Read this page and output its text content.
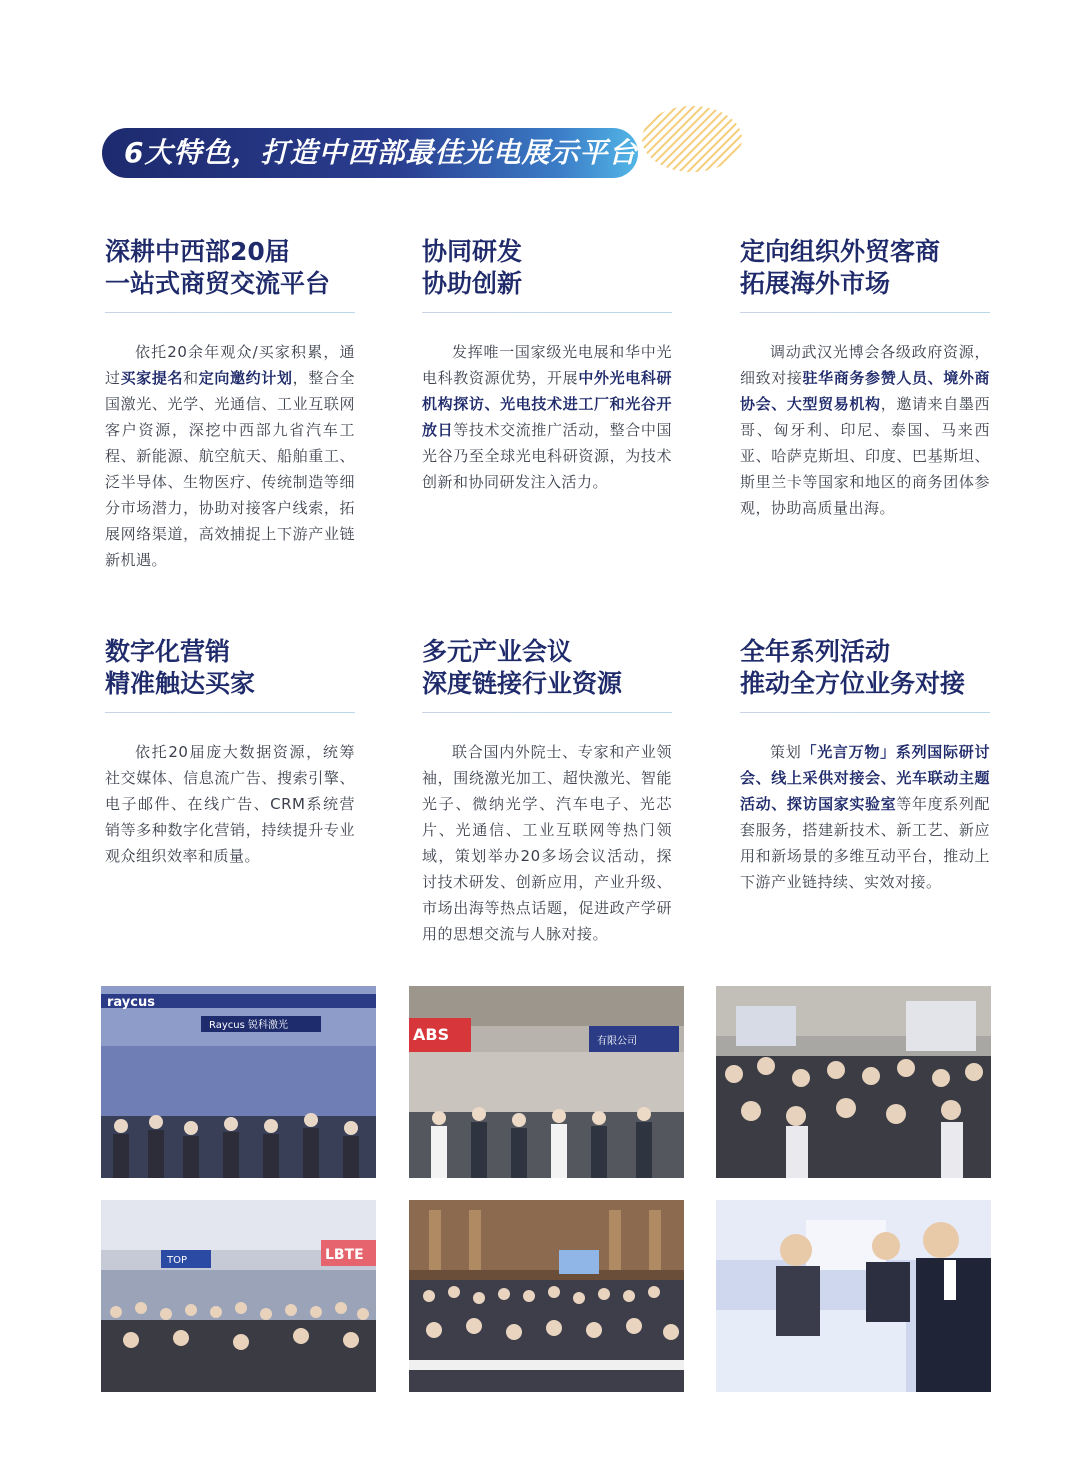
6大特色，打造中西部最佳光电展示平台
深耕中西部20届
一站式商贸交流平台
依托20余年观众/买家积累，通过买家提名和定向邀约计划，整合全国激光、光学、光通信、工业互联网客户资源，深挖中西部九省汽车工程、新能源、航空航天、船舶重工、泛半导体、生物医疗、传统制造等细分市场潜力，协助对接客户线索，拓展网络渠道，高效捕捉上下游产业链新机遇。
协同研发
协助创新
发挥唯一国家级光电展和华中光电科教资源优势，开展中外光电科研机构探访、光电技术进工厂和光谷开放日等技术交流推广活动，整合中国光谷乃至全球光电科研资源，为技术创新和协同研发注入活力。
定向组织外贸客商
拓展海外市场
调动武汉光博会各级政府资源，细致对接驻华商务参赞人员、境外商协会、大型贸易机构，邀请来自墨西哥、匈牙利、印尼、泰国、马来西亚、哈萨克斯坦、印度、巴基斯坦、斯里兰卡等国家和地区的商务团体参观，协助高质量出海。
数字化营销
精准触达买家
依托20届庞大数据资源，统筹社交媒体、信息流广告、搜索引擎、电子邮件、在线广告、CRM系统营销等多种数字化营销，持续提升专业观众组织效率和质量。
多元产业会议
深度链接行业资源
联合国内外院士、专家和产业领袖，围绕激光加工、超快激光、智能光子、微纳光学、汽车电子、光芯片、光通信、工业互联网等热门领域，策划举办20多场会议活动，探讨技术研发、创新应用，产业升级、市场出海等热点话题，促进政产学研用的思想交流与人脉对接。
全年系列活动
推动全方位业务对接
策划「光言万物」系列国际研讨会、线上采供对接会、光车联动主题活动、探访国家实验室等年度系列配套服务，搭建新技术、新工艺、新应用和新场景的多维互动平台，推动上下游产业链持续、实效对接。
raycus
Raycus 锐科激光	ABS	有限公司
LBTE
TOP
